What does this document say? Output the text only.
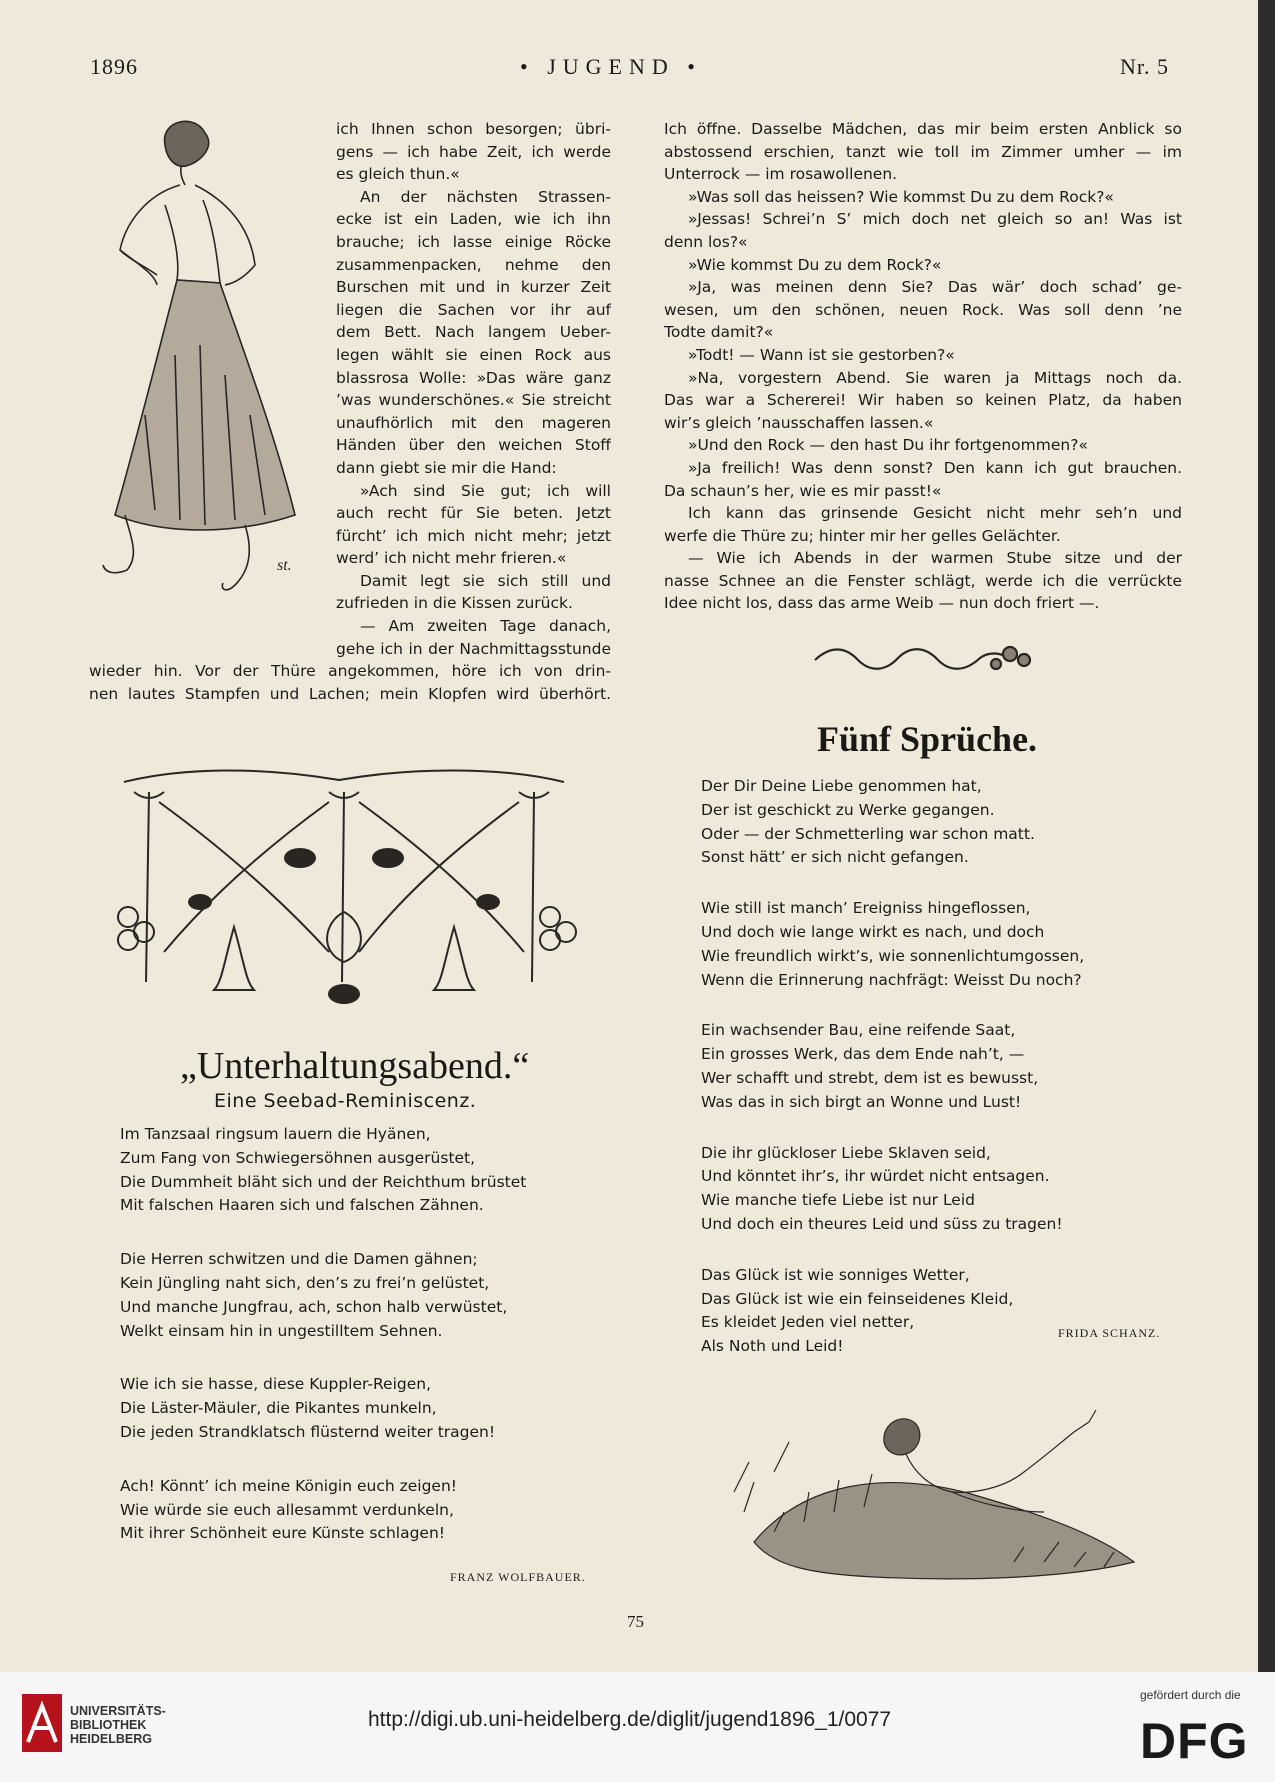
1896	• JUGEND •	Nr. 5
st.
ich Ihnen schon besorgen; übri-
gens — ich habe Zeit, ich werde
es gleich thun.«
An der nächsten Strassen-
ecke ist ein Laden, wie ich ihn
brauche; ich lasse einige Röcke
zusammenpacken, nehme den
Burschen mit und in kurzer Zeit
liegen die Sachen vor ihr auf
dem Bett. Nach langem Ueber-
legen wählt sie einen Rock aus
blassrosa Wolle: »Das wäre ganz
’was wunderschönes.« Sie streicht
unaufhörlich mit den mageren
Händen über den weichen Stoff
dann giebt sie mir die Hand:
»Ach sind Sie gut; ich will
auch recht für Sie beten. Jetzt
fürcht’ ich mich nicht mehr; jetzt
werd’ ich nicht mehr frieren.«
Damit legt sie sich still und
zufrieden in die Kissen zurück.
— Am zweiten Tage danach,
gehe ich in der Nachmittagsstunde
wieder hin. Vor der Thüre angekommen, höre ich von drin-
nen lautes Stampfen und Lachen; mein Klopfen wird überhört.
Ich öffne. Dasselbe Mädchen, das mir beim ersten Anblick so
abstossend erschien, tanzt wie toll im Zimmer umher — im
Unterrock — im rosawollenen.
»Was soll das heissen? Wie kommst Du zu dem Rock?«
»Jessas! Schrei’n S’ mich doch net gleich so an! Was ist
denn los?«
»Wie kommst Du zu dem Rock?«
»Ja, was meinen denn Sie? Das wär’ doch schad’ ge-
wesen, um den schönen, neuen Rock. Was soll denn ’ne
Todte damit?«
»Todt! — Wann ist sie gestorben?«
»Na, vorgestern Abend. Sie waren ja Mittags noch da.
Das war a Schererei! Wir haben so keinen Platz, da haben
wir’s gleich ’nausschaffen lassen.«
»Und den Rock — den hast Du ihr fortgenommen?«
»Ja freilich! Was denn sonst? Den kann ich gut brauchen.
Da schaun’s her, wie es mir passt!«
Ich kann das grinsende Gesicht nicht mehr seh’n und
werfe die Thüre zu; hinter mir her gelles Gelächter.
— Wie ich Abends in der warmen Stube sitze und der
nasse Schnee an die Fenster schlägt, werde ich die verrückte
Idee nicht los, dass das arme Weib — nun doch friert —.
Fünf Sprüche.
Der Dir Deine Liebe genommen hat,
Der ist geschickt zu Werke gegangen.
Oder — der Schmetterling war schon matt.
Sonst hätt’ er sich nicht gefangen.
Wie still ist manch’ Ereigniss hingeflossen,
Und doch wie lange wirkt es nach, und doch
Wie freundlich wirkt’s, wie sonnenlichtumgossen,
Wenn die Erinnerung nachfrägt: Weisst Du noch?
Ein wachsender Bau, eine reifende Saat,
Ein grosses Werk, das dem Ende nah’t, —
Wer schafft und strebt, dem ist es bewusst,
Was das in sich birgt an Wonne und Lust!
Die ihr glückloser Liebe Sklaven seid,
Und könntet ihr’s, ihr würdet nicht entsagen.
Wie manche tiefe Liebe ist nur Leid
Und doch ein theures Leid und süss zu tragen!
Das Glück ist wie sonniges Wetter,
Das Glück ist wie ein feinseidenes Kleid,
Es kleidet Jeden viel netter,
Als Noth und Leid!
FRIDA SCHANZ.
„Unterhaltungsabend.“
Eine Seebad-Reminiscenz.
Im Tanzsaal ringsum lauern die Hyänen,
Zum Fang von Schwiegersöhnen ausgerüstet,
Die Dummheit bläht sich und der Reichthum brüstet
Mit falschen Haaren sich und falschen Zähnen.
Die Herren schwitzen und die Damen gähnen;
Kein Jüngling naht sich, den’s zu frei’n gelüstet,
Und manche Jungfrau, ach, schon halb verwüstet,
Welkt einsam hin in ungestilltem Sehnen.
Wie ich sie hasse, diese Kuppler-Reigen,
Die Läster-Mäuler, die Pikantes munkeln,
Die jeden Strandklatsch flüsternd weiter tragen!
Ach! Könnt’ ich meine Königin euch zeigen!
Wie würde sie euch allesammt verdunkeln,
Mit ihrer Schönheit eure Künste schlagen!
FRANZ WOLFBAUER.
75
UNIVERSITÄTS-
BIBLIOTHEK
HEIDELBERG
http://digi.ub.uni-heidelberg.de/diglit/jugend1896_1/0077
gefördert durch die
DFG
